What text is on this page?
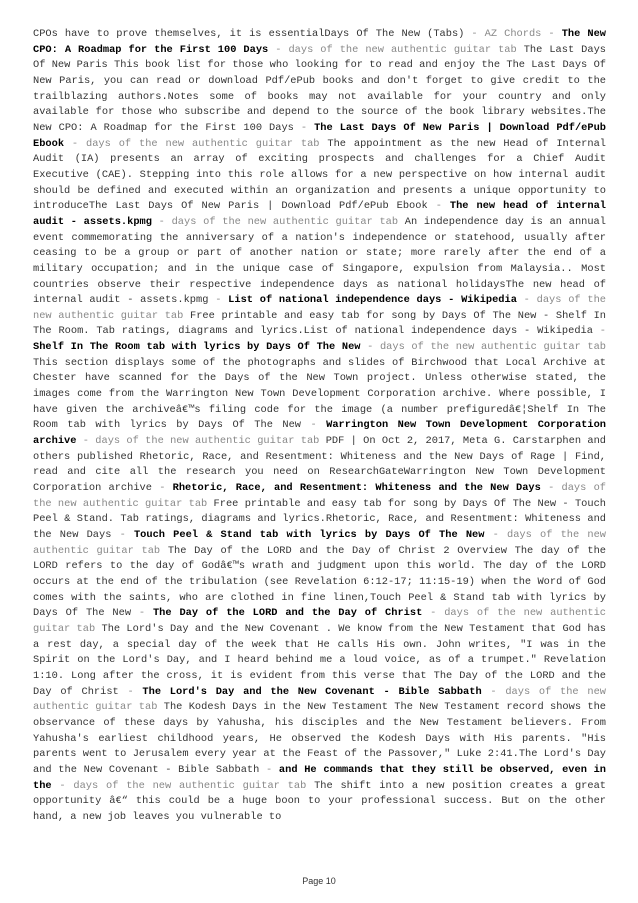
CPOs have to prove themselves, it is essentialDays Of The New (Tabs) - AZ Chords - The New CPO: A Roadmap for the First 100 Days - days of the new authentic guitar tab The Last Days Of New Paris This book list for those who looking for to read and enjoy the The Last Days Of New Paris, you can read or download Pdf/ePub books and don't forget to give credit to the trailblazing authors.Notes some of books may not available for your country and only available for those who subscribe and depend to the source of the book library websites.The New CPO: A Roadmap for the First 100 Days - The Last Days Of New Paris | Download Pdf/ePub Ebook - days of the new authentic guitar tab The appointment as the new Head of Internal Audit (IA) presents an array of exciting prospects and challenges for a Chief Audit Executive (CAE). Stepping into this role allows for a new perspective on how internal audit should be defined and executed within an organization and presents a unique opportunity to introduceThe Last Days Of New Paris | Download Pdf/ePub Ebook - The new head of internal audit - assets.kpmg - days of the new authentic guitar tab An independence day is an annual event commemorating the anniversary of a nation's independence or statehood, usually after ceasing to be a group or part of another nation or state; more rarely after the end of a military occupation; and in the unique case of Singapore, expulsion from Malaysia.. Most countries observe their respective independence days as national holidaysThe new head of internal audit - assets.kpmg - List of national independence days - Wikipedia - days of the new authentic guitar tab Free printable and easy tab for song by Days Of The New - Shelf In The Room. Tab ratings, diagrams and lyrics.List of national independence days - Wikipedia - Shelf In The Room tab with lyrics by Days Of The New - days of the new authentic guitar tab This section displays some of the photographs and slides of Birchwood that Local Archive at Chester have scanned for the Days of the New Town project. Unless otherwise stated, the images come from the Warrington New Town Development Corporation archive. Where possible, I have given the archiveâ€™s filing code for the image (a number prefiguredâ€¦Shelf In The Room tab with lyrics by Days Of The New - Warrington New Town Development Corporation archive - days of the new authentic guitar tab PDF | On Oct 2, 2017, Meta G. Carstarphen and others published Rhetoric, Race, and Resentment: Whiteness and the New Days of Rage | Find, read and cite all the research you need on ResearchGateWarrington New Town Development Corporation archive - Rhetoric, Race, and Resentment: Whiteness and the New Days - days of the new authentic guitar tab Free printable and easy tab for song by Days Of The New - Touch Peel & Stand. Tab ratings, diagrams and lyrics.Rhetoric, Race, and Resentment: Whiteness and the New Days - Touch Peel & Stand tab with lyrics by Days Of The New - days of the new authentic guitar tab The Day of the LORD and the Day of Christ 2 Overview The day of the LORD refers to the day of Godâ€™s wrath and judgment upon this world. The day of the LORD occurs at the end of the tribulation (see Revelation 6:12-17; 11:15-19) when the Word of God comes with the saints, who are clothed in fine linen,Touch Peel & Stand tab with lyrics by Days Of The New - The Day of the LORD and the Day of Christ - days of the new authentic guitar tab The Lord's Day and the New Covenant . We know from the New Testament that God has a rest day, a special day of the week that He calls His own. John writes, "I was in the Spirit on the Lord's Day, and I heard behind me a loud voice, as of a trumpet." Revelation 1:10. Long after the cross, it is evident from this verse that The Day of the LORD and the Day of Christ - The Lord's Day and the New Covenant - Bible Sabbath - days of the new authentic guitar tab The Kodesh Days in the New Testament The New Testament record shows the observance of these days by Yahusha, his disciples and the New Testament believers. From Yahusha's earliest childhood years, He observed the Kodesh Days with His parents. "His parents went to Jerusalem every year at the Feast of the Passover," Luke 2:41.The Lord's Day and the New Covenant - Bible Sabbath - and He commands that they still be observed, even in the - days of the new authentic guitar tab The shift into a new position creates a great opportunity â€“ this could be a huge boon to your professional success. But on the other hand, a new job leaves you vulnerable to
Page 10
